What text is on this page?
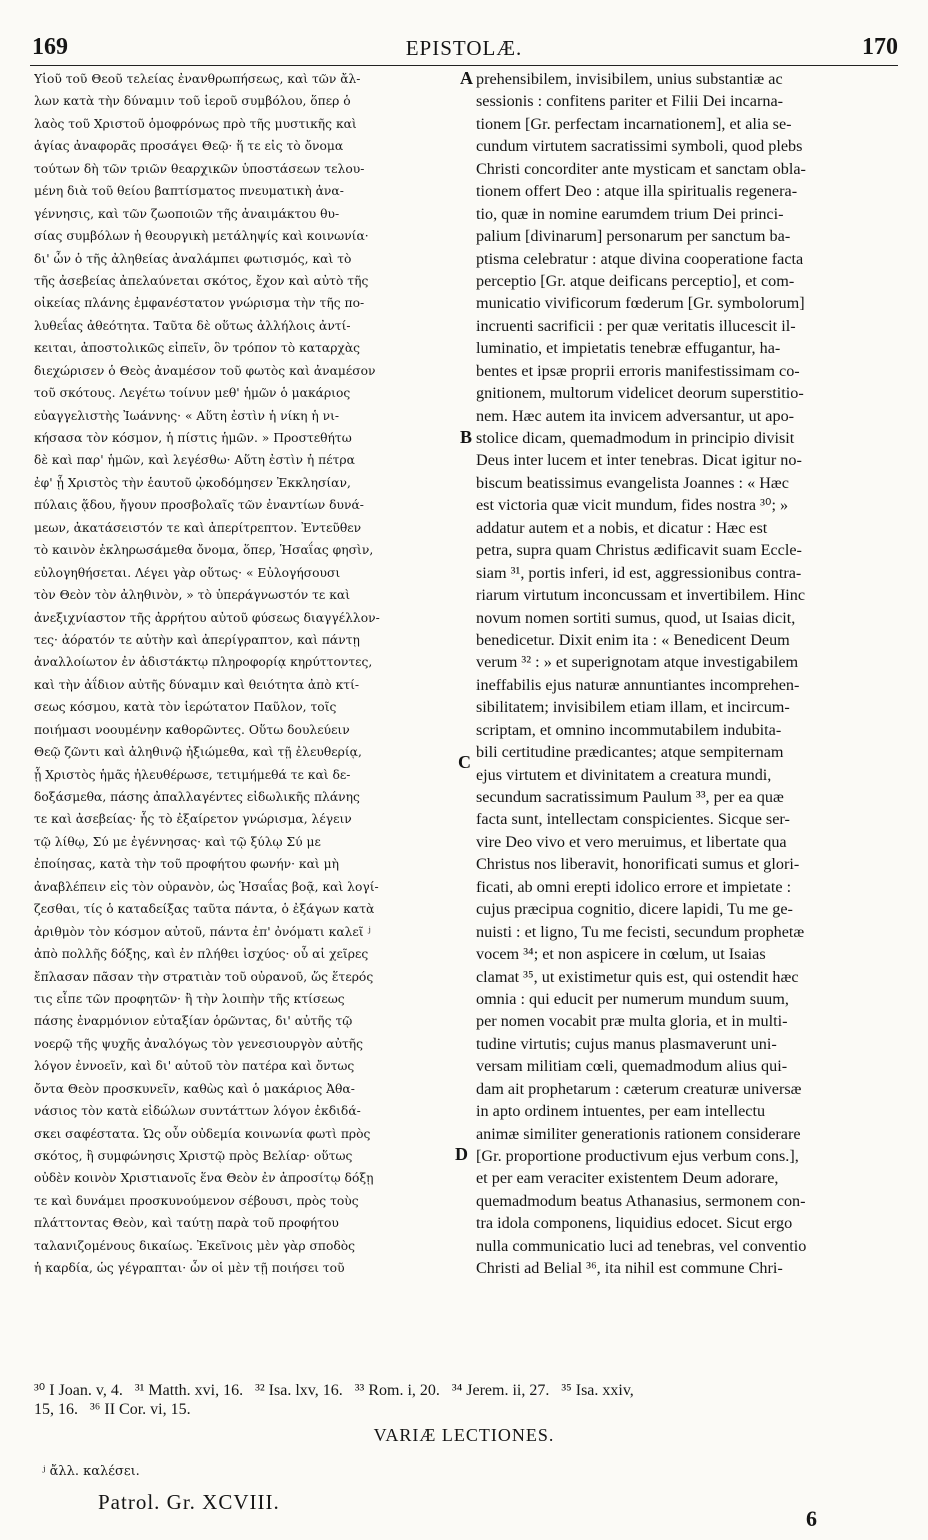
169	EPISTOLÆ.	170
Υἱοῦ τοῦ Θεοῦ τελείας ἐνανθρωπήσεως, καὶ τῶν ἄλ-
λων κατὰ τὴν δύναμιν τοῦ ἱεροῦ συμβόλου, ὅπερ ὁ
λαὸς τοῦ Χριστοῦ ὁμοφρόνως πρὸ τῆς μυστικῆς καὶ
ἁγίας ἀναφορᾶς προσάγει Θεῷ· ἥ τε εἰς τὸ ὄνομα
τούτων δὴ τῶν τριῶν θεαρχικῶν ὑποστάσεων τελου-
μένη διὰ τοῦ θείου βαπτίσματος πνευματικὴ ἀνα-
γέννησις, καὶ τῶν ζωοποιῶν τῆς ἀναιμάκτου θυ-
σίας συμβόλων ἡ θεουργικὴ μετάληψίς καὶ κοινωνία·
δι' ὧν ὁ τῆς ἀληθείας ἀναλάμπει φωτισμός, καὶ τὸ
τῆς ἀσεβείας ἀπελαύνεται σκότος, ἔχον καὶ αὐτὸ τῆς
οἰκείας πλάνης ἐμφανέστατον γνώρισμα τὴν τῆς πο-
λυθεΐας ἀθεότητα. Ταῦτα δὲ οὕτως ἀλλήλοις ἀντί-
κειται, ἀποστολικῶς εἰπεῖν, ὃν τρόπον τὸ καταρχὰς
διεχώρισεν ὁ Θεὸς ἀναμέσον τοῦ φωτὸς καὶ ἀναμέσον
τοῦ σκότους. Λεγέτω τοίνυν μεθ' ἡμῶν ὁ μακάριος
εὐαγγελιστὴς Ἰωάννης· « Αὕτη ἐστὶν ἡ νίκη ἡ νι-
κήσασα τὸν κόσμον, ἡ πίστις ἡμῶν. » Προστεθήτω
δὲ καὶ παρ' ἡμῶν, καὶ λεγέσθω· Αὕτη ἐστὶν ἡ πέτρα
ἐφ' ᾗ Χριστὸς τὴν ἑαυτοῦ ᾠκοδόμησεν Ἐκκλησίαν,
πύλαις ᾅδου, ἤγουν προσβολαῖς τῶν ἐναντίων δυνά-
μεων, ἀκατάσειστόν τε καὶ ἀπερίτρεπτον. Ἐντεῦθεν
τὸ καινὸν ἐκληρωσάμεθα ὄνομα, ὅπερ, Ἡσαΐας φησὶν,
εὐλογηθήσεται. Λέγει γὰρ οὕτως· « Εὐλογήσουσι
τὸν Θεὸν τὸν ἀληθινὸν, » τὸ ὑπεράγνωστόν τε καὶ
ἀνεξιχνίαστον τῆς ἀρρήτου αὐτοῦ φύσεως διαγγέλλον-
τες· ἀόρατόν τε αὐτὴν καὶ ἀπερίγραπτον, καὶ πάντῃ
ἀναλλοίωτον ἐν ἀδιστάκτῳ πληροφορίᾳ κηρύττοντες,
καὶ τὴν ἀΐδιον αὐτῆς δύναμιν καὶ θειότητα ἀπὸ κτί-
σεως κόσμου, κατὰ τὸν ἱερώτατον Παῦλον, τοῖς
ποιήμασι νοουμένην καθορῶντες. Οὕτω δουλεύειν
Θεῷ ζῶντι καὶ ἀληθινῷ ἠξιώμεθα, καὶ τῇ ἐλευθερίᾳ,
ᾗ Χριστὸς ἡμᾶς ἠλευθέρωσε, τετιμήμεθά τε καὶ δε-
δοξάσμεθα, πάσης ἀπαλλαγέντες εἰδωλικῆς πλάνης
τε καὶ ἀσεβείας· ἧς τὸ ἐξαίρετον γνώρισμα, λέγειν
τῷ λίθῳ, Σύ με ἐγέννησας· καὶ τῷ ξύλῳ Σύ με
ἐποίησας, κατὰ τὴν τοῦ προφήτου φωνήν· καὶ μὴ
ἀναβλέπειν εἰς τὸν οὐρανὸν, ὡς Ἡσαΐας βοᾷ, καὶ λογί-
ζεσθαι, τίς ὁ καταδείξας ταῦτα πάντα, ὁ ἐξάγων κατὰ
ἀριθμὸν τὸν κόσμον αὐτοῦ, πάντα ἐπ' ὀνόματι καλεῖ ʲ
ἀπὸ πολλῆς δόξης, καὶ ἐν πλήθει ἰσχύος· οὗ αἱ χεῖρες
ἔπλασαν πᾶσαν τὴν στρατιὰν τοῦ οὐρανοῦ, ὥς ἕτερός
τις εἶπε τῶν προφητῶν· ἢ τὴν λοιπὴν τῆς κτίσεως
πάσης ἐναρμόνιον εὐταξίαν ὁρῶντας, δι' αὐτῆς τῷ
νοερῷ τῆς ψυχῆς ἀναλόγως τὸν γενεσιουργὸν αὐτῆς
λόγον ἐννοεῖν, καὶ δι' αὐτοῦ τὸν πατέρα καὶ ὄντως
ὄντα Θεὸν προσκυνεῖν, καθὼς καὶ ὁ μακάριος Ἀθα-
νάσιος τὸν κατὰ εἰδώλων συντάττων λόγον ἐκδιδά-
σκει σαφέστατα. Ὡς οὖν οὐδεμία κοινωνία φωτὶ πρὸς
σκότος, ἢ συμφώνησις Χριστῷ πρὸς Βελίαρ· οὕτως
οὐδὲν κοινὸν Χριστιανοῖς ἕνα Θεὸν ἐν ἀπροσίτῳ δόξῃ
τε καὶ δυνάμει προσκυνούμενον σέβουσι, πρὸς τοὺς
πλάττοντας Θεὸν, καὶ ταύτῃ παρὰ τοῦ προφήτου
ταλανιζομένους δικαίως. Ἐκεῖνοις μὲν γὰρ σποδὸς
ἡ καρδία, ὡς γέγραπται· ὧν οἱ μὲν τῇ ποιήσει τοῦ
prehensibilem, invisibilem, unius substantiæ ac
sessionis : confitens pariter et Filii Dei incarna-
tionem [Gr. perfectam incarnationem], et alia se-
cundum virtutem sacratissimi symboli, quod plebs
Christi concorditer ante mysticam et sanctam obla-
tionem offert Deo : atque illa spiritualis regenera-
tio, quæ in nomine earumdem trium Dei princi-
palium [divinarum] personarum per sanctum ba-
ptisma celebratur : atque divina cooperatione facta
perceptio [Gr. atque deificans perceptio], et com-
municatio vivificorum fœderum [Gr. symbolorum]
incruenti sacrificii : per quæ veritatis illucescit il-
luminatio, et impietatis tenebræ effugantur, ha-
bentes et ipsæ proprii erroris manifestissimam co-
gnitionem, multorum videlicet deorum superstitio-
nem. Hæc autem ita invicem adversantur, ut apo-
stolice dicam, quemadmodum in principio divisit
Deus inter lucem et inter tenebras. Dicat igitur no-
biscum beatissimus evangelista Joannes : « Hæc
est victoria quæ vicit mundum, fides nostra ³⁰; »
addatur autem et a nobis, et dicatur : Hæc est
petra, supra quam Christus ædificavit suam Eccle-
siam ³¹, portis inferi, id est, aggressionibus contra-
riarum virtutum inconcussam et invertibilem. Hinc
novum nomen sortiti sumus, quod, ut Isaias dicit,
benedicetur. Dixit enim ita : « Benedicent Deum
verum ³² : » et superignotam atque investigabilem
ineffabilis ejus naturæ annuntiantes incomprehen-
sibilitatem; invisibilem etiam illam, et incircum-
scriptam, et omnino incommutabilem indubita-
bili certitudine prædicantes; atque sempiternam
ejus virtutem et divinitatem a creatura mundi,
secundum sacratissimum Paulum ³³, per ea quæ
facta sunt, intellectam conspicientes. Sicque ser-
vire Deo vivo et vero meruimus, et libertate qua
Christus nos liberavit, honorificati sumus et glori-
ficati, ab omni erepti idolico errore et impietate :
cujus præcipua cognitio, dicere lapidi, Tu me ge-
nuisti : et ligno, Tu me fecisti, secundum prophetæ
vocem ³⁴; et non aspicere in cœlum, ut Isaias
clamat ³⁵, ut existimetur quis est, qui ostendit hæc
omnia : qui educit per numerum mundum suum,
per nomen vocabit præ multa gloria, et in multi-
tudine virtutis; cujus manus plasmaverunt uni-
versam militiam cœli, quemadmodum alius qui-
dam ait prophetarum : cæterum creaturæ universæ
in apto ordinem intuentes, per eam intellectu
animæ similiter generationis rationem considerare
[Gr. proportione productivum ejus verbum cons.],
et per eam veraciter existentem Deum adorare,
quemadmodum beatus Athanasius, sermonem con-
tra idola componens, liquidius edocet. Sicut ergo
nulla communicatio luci ad tenebras, vel conventio
Christi ad Belial ³⁶, ita nihil est commune Chri-
A
B
C
D
³⁰ I Joan. v, 4.   ³¹ Matth. xvi, 16.   ³² Isa. lxv, 16.   ³³ Rom. i, 20.   ³⁴ Jerem. ii, 27.   ³⁵ Isa. xxiv,
15, 16.   ³⁶ II Cor. vi, 15.
VARIÆ LECTIONES.
ʲ ἄλλ. καλέσει.
Patrol. Gr. XCVIII.
6
